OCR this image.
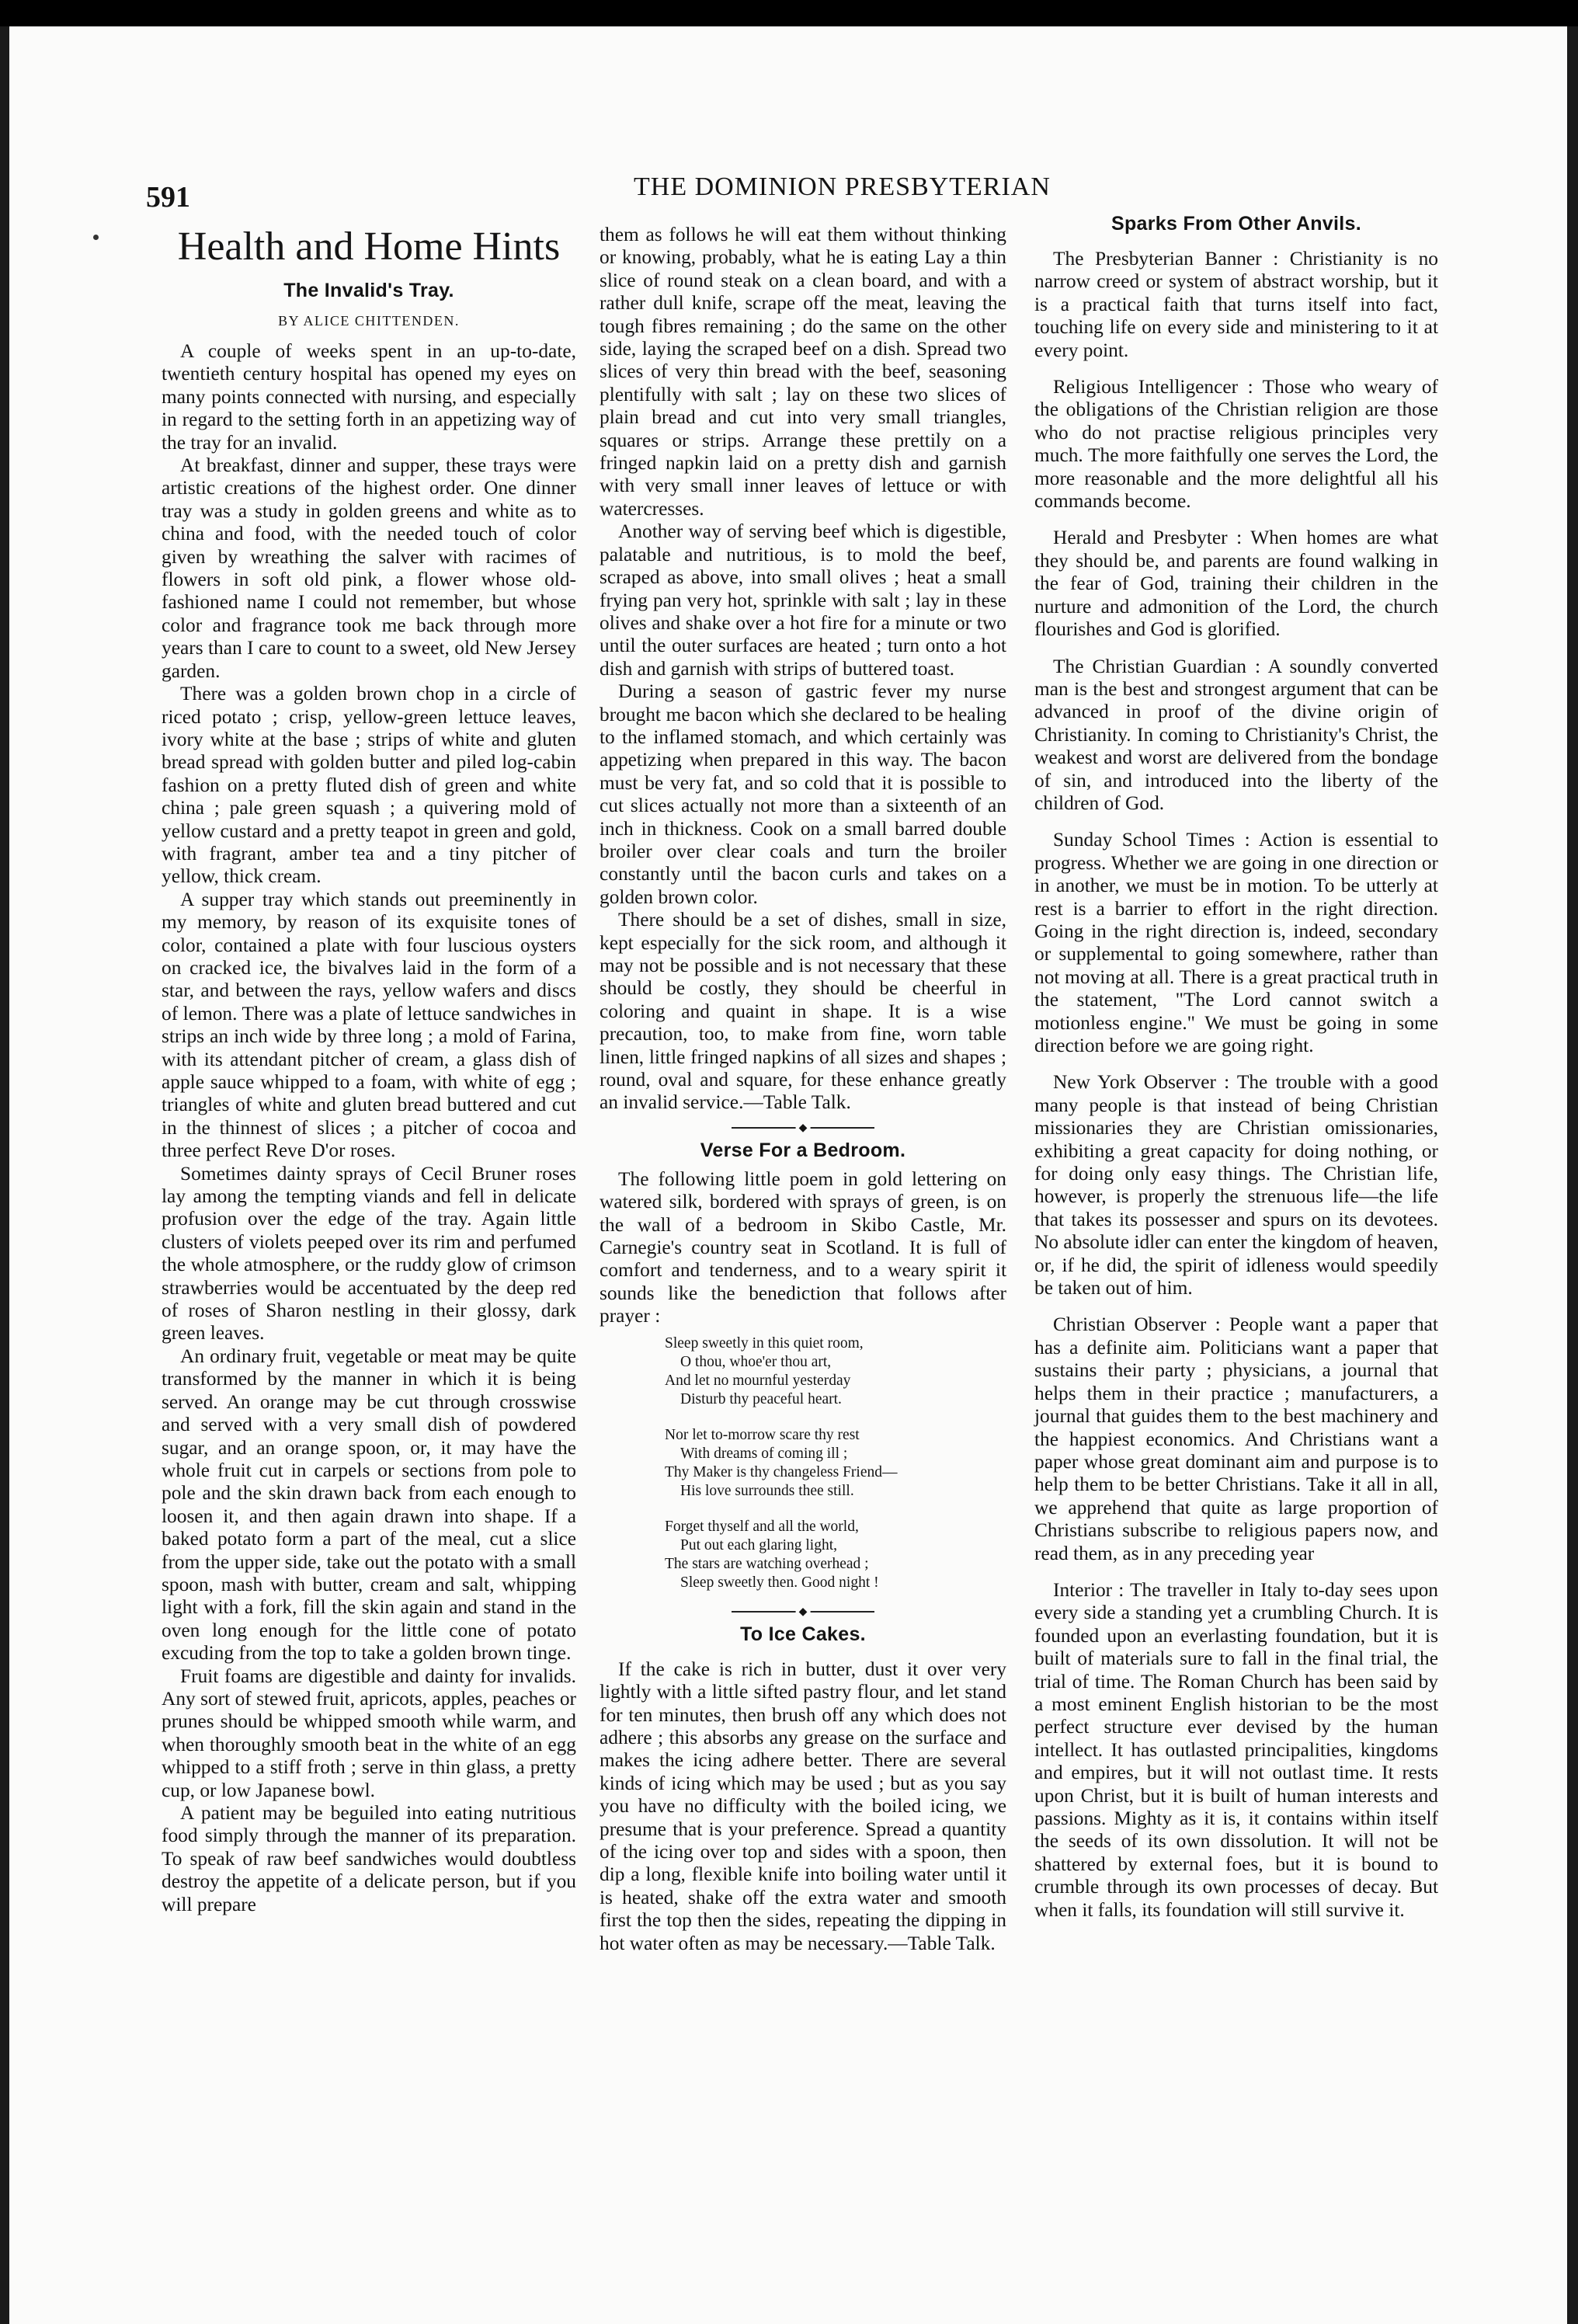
591	THE DOMINION PRESBYTERIAN
Health and Home Hints
The Invalid's Tray.
BY ALICE CHITTENDEN.

A couple of weeks spent in an up-to-date, twentieth century hospital has opened my eyes on many points connected with nursing, and especially in regard to the setting forth in an appetizing way of the tray for an invalid.

At breakfast, dinner and supper, these trays were artistic creations of the highest order. One dinner tray was a study in golden greens and white as to china and food, with the needed touch of color given by wreathing the salver with racimes of flowers in soft old pink, a flower whose old-fashioned name I could not remember, but whose color and fragrance took me back through more years than I care to count to a sweet, old New Jersey garden.

There was a golden brown chop in a circle of riced potato ; crisp, yellow-green lettuce leaves, ivory white at the base ; strips of white and gluten bread spread with golden butter and piled log-cabin fashion on a pretty fluted dish of green and white china ; pale green squash ; a quivering mold of yellow custard and a pretty teapot in green and gold, with fragrant, amber tea and a tiny pitcher of yellow, thick cream.

A supper tray which stands out preeminently in my memory, by reason of its exquisite tones of color, contained a plate with four luscious oysters on cracked ice, the bivalves laid in the form of a star, and between the rays, yellow wafers and discs of lemon. There was a plate of lettuce sandwiches in strips an inch wide by three long ; a mold of Farina, with its attendant pitcher of cream, a glass dish of apple sauce whipped to a foam, with white of egg ; triangles of white and gluten bread buttered and cut in the thinnest of slices ; a pitcher of cocoa and three perfect Reve D'or roses.

Sometimes dainty sprays of Cecil Bruner roses lay among the tempting viands and fell in delicate profusion over the edge of the tray. Again little clusters of violets peeped over its rim and perfumed the whole atmosphere, or the ruddy glow of crimson strawberries would be accentuated by the deep red of roses of Sharon nestling in their glossy, dark green leaves.

An ordinary fruit, vegetable or meat may be quite transformed by the manner in which it is being served. An orange may be cut through crosswise and served with a very small dish of powdered sugar, and an orange spoon, or, it may have the whole fruit cut in carpels or sections from pole to pole and the skin drawn back from each enough to loosen it, and then again drawn into shape. If a baked potato form a part of the meal, cut a slice from the upper side, take out the potato with a small spoon, mash with butter, cream and salt, whipping light with a fork, fill the skin again and stand in the oven long enough for the little cone of potato excuding from the top to take a golden brown tinge.

Fruit foams are digestible and dainty for invalids. Any sort of stewed fruit, apricots, apples, peaches or prunes should be whipped smooth while warm, and when thoroughly smooth beat in the white of an egg whipped to a stiff froth ; serve in thin glass, a pretty cup, or low Japanese bowl.

A patient may be beguiled into eating nutritious food simply through the manner of its preparation. To speak of raw beef sandwiches would doubtless destroy the appetite of a delicate person, but if you will prepare

them as follows he will eat them without thinking or knowing, probably, what he is eating Lay a thin slice of round steak on a clean board, and with a rather dull knife, scrape off the meat, leaving the tough fibres remaining ; do the same on the other side, laying the scraped beef on a dish. Spread two slices of very thin bread with the beef, seasoning plentifully with salt ; lay on these two slices of plain bread and cut into very small triangles, squares or strips. Arrange these prettily on a fringed napkin laid on a pretty dish and garnish with very small inner leaves of lettuce or with watercresses.

Another way of serving beef which is digestible, palatable and nutritious, is to mold the beef, scraped as above, into small olives ; heat a small frying pan very hot, sprinkle with salt ; lay in these olives and shake over a hot fire for a minute or two until the outer surfaces are heated ; turn onto a hot dish and garnish with strips of buttered toast.

During a season of gastric fever my nurse brought me bacon which she declared to be healing to the inflamed stomach, and which certainly was appetizing when prepared in this way. The bacon must be very fat, and so cold that it is possible to cut slices actually not more than a sixteenth of an inch in thickness. Cook on a small barred double broiler over clear coals and turn the broiler constantly until the bacon curls and takes on a golden brown color.

There should be a set of dishes, small in size, kept especially for the sick room, and although it may not be possible and is not necessary that these should be costly, they should be cheerful in coloring and quaint in shape. It is a wise precaution, too, to make from fine, worn table linen, little fringed napkins of all sizes and shapes ; round, oval and square, for these enhance greatly an invalid service.—Table Talk.

◆
Verse For a Bedroom.

The following little poem in gold lettering on watered silk, bordered with sprays of green, is on the wall of a bedroom in Skibo Castle, Mr. Carnegie's country seat in Scotland. It is full of comfort and tenderness, and to a weary spirit it sounds like the benediction that follows after prayer :

Sleep sweetly in this quiet room,
O thou, whoe'er thou art,
And let no mournful yesterday
Disturb thy peaceful heart.
Nor let to-morrow scare thy rest
With dreams of coming ill ;
Thy Maker is thy changeless Friend—
His love surrounds thee still.
Forget thyself and all the world,
Put out each glaring light,
The stars are watching overhead ;
Sleep sweetly then. Good night !
◆
To Ice Cakes.

If the cake is rich in butter, dust it over very lightly with a little sifted pastry flour, and let stand for ten minutes, then brush off any which does not adhere ; this absorbs any grease on the surface and makes the icing adhere better. There are several kinds of icing which may be used ; but as you say you have no difficulty with the boiled icing, we presume that is your preference. Spread a quantity of the icing over top and sides with a spoon, then dip a long, flexible knife into boiling water until it is heated, shake off the extra water and smooth first the top then the sides, repeating the dipping in hot water often as may be necessary.—Table Talk.

Sparks From Other Anvils.

The Presbyterian Banner : Christianity is no narrow creed or system of abstract worship, but it is a practical faith that turns itself into fact, touching life on every side and ministering to it at every point.

Religious Intelligencer : Those who weary of the obligations of the Christian religion are those who do not practise religious principles very much. The more faithfully one serves the Lord, the more reasonable and the more delightful all his commands become.

Herald and Presbyter : When homes are what they should be, and parents are found walking in the fear of God, training their children in the nurture and admonition of the Lord, the church flourishes and God is glorified.

The Christian Guardian : A soundly converted man is the best and strongest argument that can be advanced in proof of the divine origin of Christianity. In coming to Christianity's Christ, the weakest and worst are delivered from the bondage of sin, and introduced into the liberty of the children of God.

Sunday School Times : Action is essential to progress. Whether we are going in one direction or in another, we must be in motion. To be utterly at rest is a barrier to effort in the right direction. Going in the right direction is, indeed, secondary or supplemental to going somewhere, rather than not moving at all. There is a great practical truth in the statement, "The Lord cannot switch a motionless engine." We must be going in some direction before we are going right.

New York Observer : The trouble with a good many people is that instead of being Christian missionaries they are Christian omissionaries, exhibiting a great capacity for doing nothing, or for doing only easy things. The Christian life, however, is properly the strenuous life—the life that takes its possesser and spurs on its devotees. No absolute idler can enter the kingdom of heaven, or, if he did, the spirit of idleness would speedily be taken out of him.

Christian Observer : People want a paper that has a definite aim. Politicians want a paper that sustains their party ; physicians, a journal that helps them in their practice ; manufacturers, a journal that guides them to the best machinery and the happiest economics. And Christians want a paper whose great dominant aim and purpose is to help them to be better Christians. Take it all in all, we apprehend that quite as large proportion of Christians subscribe to religious papers now, and read them, as in any preceding year

Interior : The traveller in Italy to-day sees upon every side a standing yet a crumbling Church. It is founded upon an everlasting foundation, but it is built of materials sure to fall in the final trial, the trial of time. The Roman Church has been said by a most eminent English historian to be the most perfect structure ever devised by the human intellect. It has outlasted principalities, kingdoms and empires, but it will not outlast time. It rests upon Christ, but it is built of human interests and passions. Mighty as it is, it contains within itself the seeds of its own dissolution. It will not be shattered by external foes, but it is bound to crumble through its own processes of decay. But when it falls, its foundation will still survive it.
